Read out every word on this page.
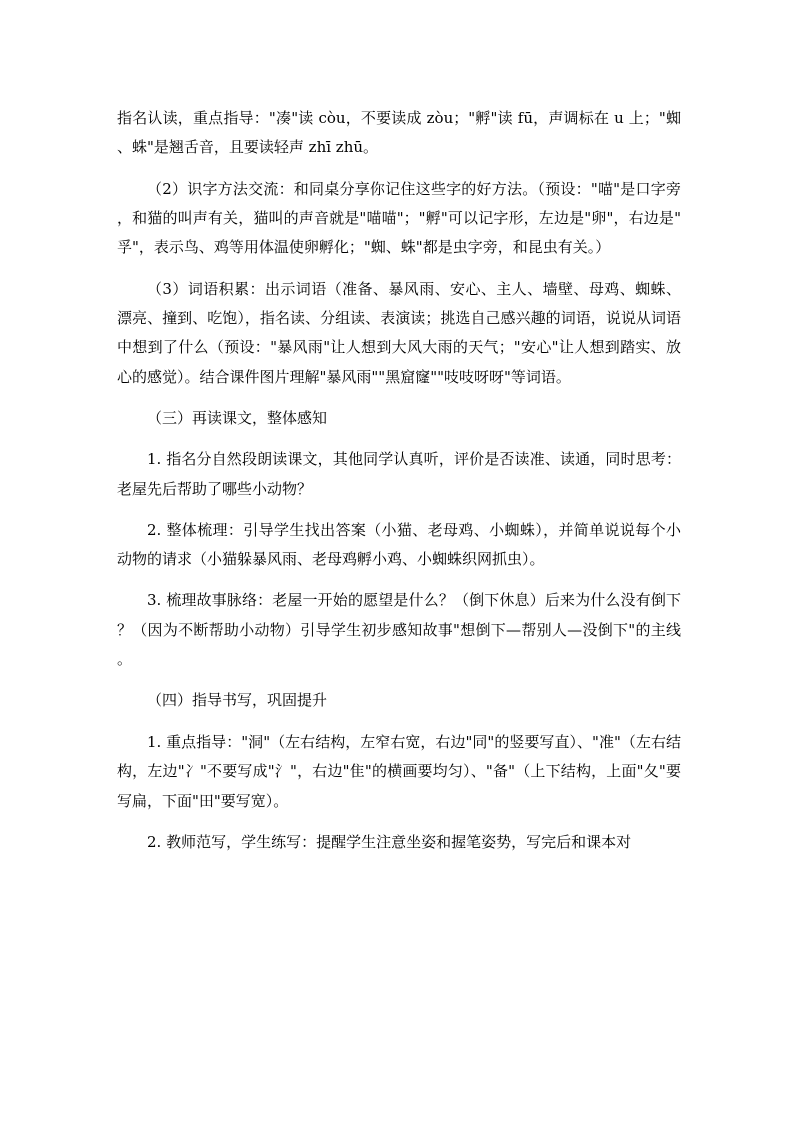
指名认读，重点指导："凑"读 còu，不要读成 zòu；"孵"读 fū，声调标在 u 上；"蜘、蛛"是翘舌音，且要读轻声 zhī zhū。

（2）识字方法交流：和同桌分享你记住这些字的好方法。（预设："喵"是口字旁，和猫的叫声有关，猫叫的声音就是"喵喵"；"孵"可以记字形，左边是"卵"，右边是"孚"，表示鸟、鸡等用体温使卵孵化；"蜘、蛛"都是虫字旁，和昆虫有关。）

（3）词语积累：出示词语（准备、暴风雨、安心、主人、墙壁、母鸡、蜘蛛、漂亮、撞到、吃饱），指名读、分组读、表演读；挑选自己感兴趣的词语，说说从词语中想到了什么（预设："暴风雨"让人想到大风大雨的天气；"安心"让人想到踏实、放心的感觉）。结合课件图片理解"暴风雨""黑窟窿""吱吱呀呀"等词语。

（三）再读课文，整体感知

1. 指名分自然段朗读课文，其他同学认真听，评价是否读准、读通，同时思考：老屋先后帮助了哪些小动物？

2. 整体梳理：引导学生找出答案（小猫、老母鸡、小蜘蛛），并简单说说每个小动物的请求（小猫躲暴风雨、老母鸡孵小鸡、小蜘蛛织网抓虫）。

3. 梳理故事脉络：老屋一开始的愿望是什么？（倒下休息）后来为什么没有倒下？（因为不断帮助小动物）引导学生初步感知故事"想倒下—帮别人—没倒下"的主线。

（四）指导书写，巩固提升

1. 重点指导："洞"（左右结构，左窄右宽，右边"同"的竖要写直）、"准"（左右结构，左边"冫"不要写成"氵"，右边"隹"的横画要均匀）、"备"（上下结构，上面"夂"要写扁，下面"田"要写宽）。

2. 教师范写，学生练写：提醒学生注意坐姿和握笔姿势，写完后和课本对
